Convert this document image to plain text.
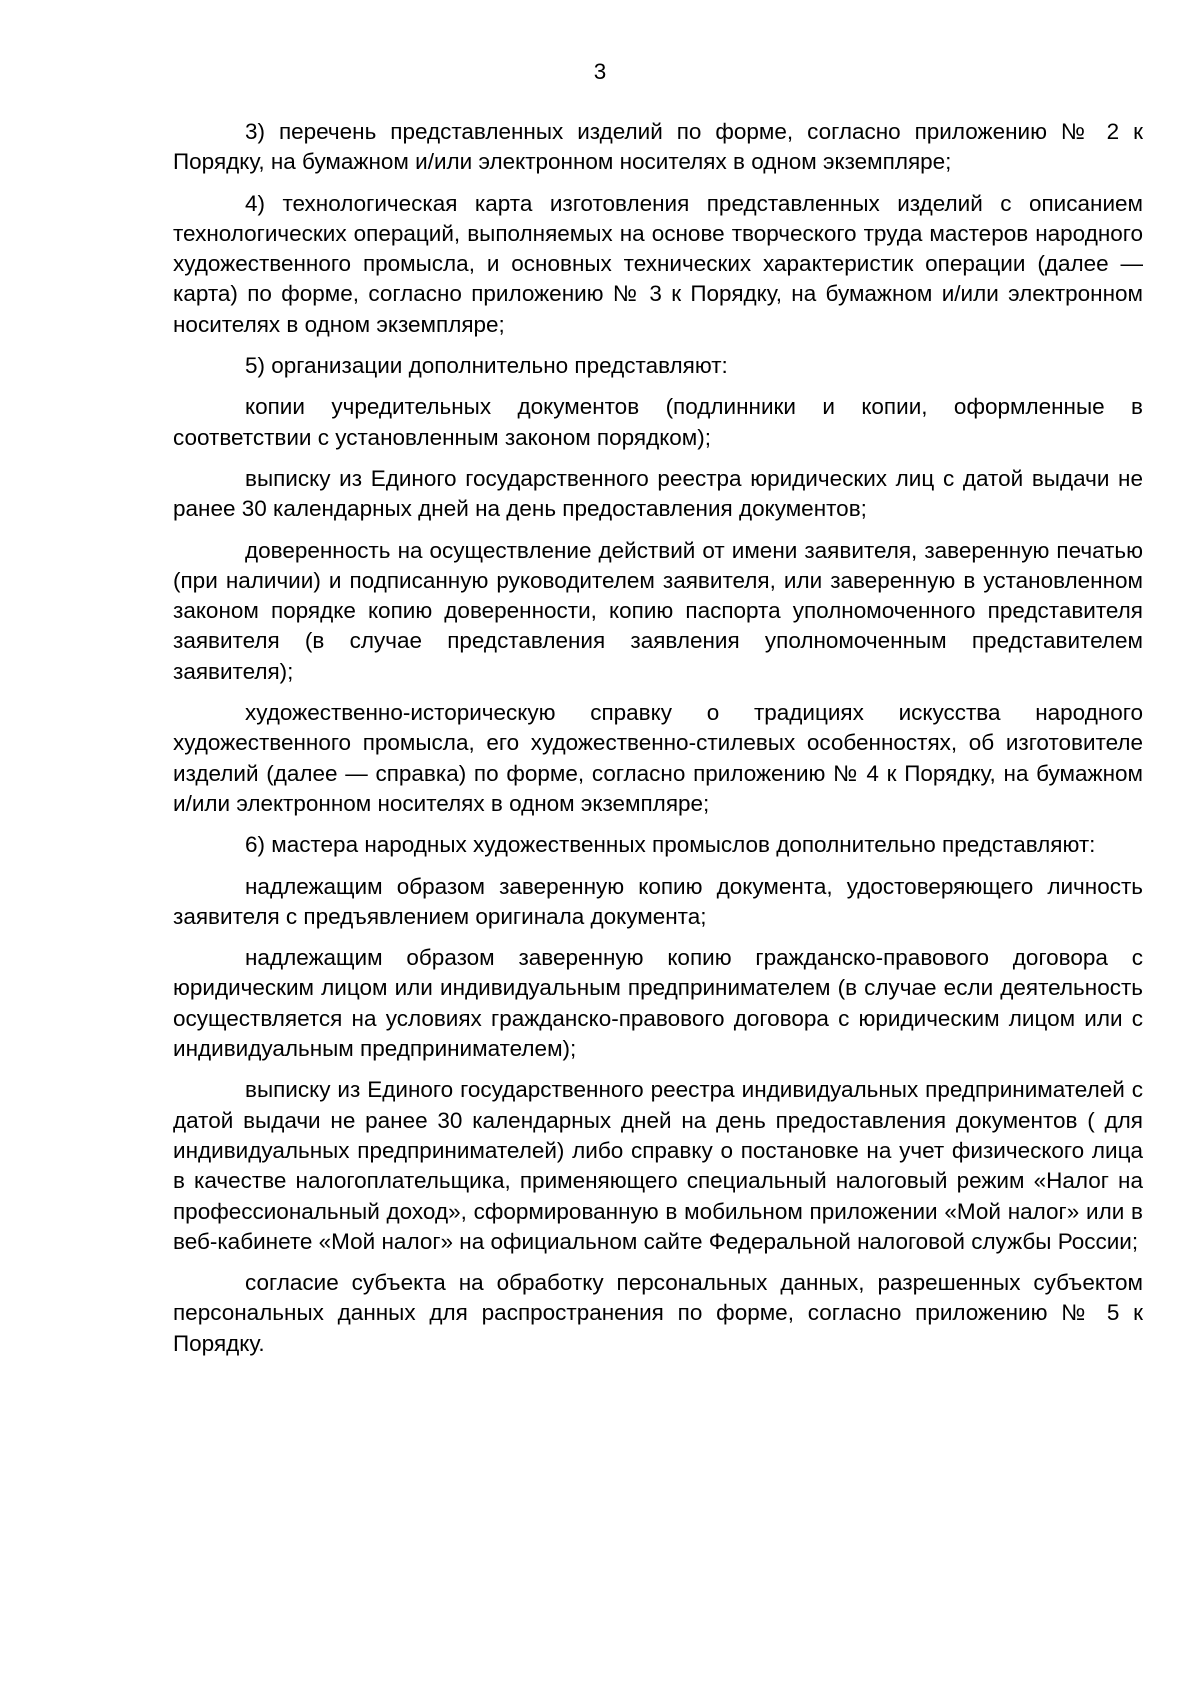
3

3) перечень представленных изделий по форме, согласно приложению № 2 к Порядку, на бумажном и/или электронном носителях в одном экземпляре;

4) технологическая карта изготовления представленных изделий с описанием технологических операций, выполняемых на основе творческого труда мастеров народного художественного промысла, и основных технических характеристик операции (далее — карта) по форме, согласно приложению № 3 к Порядку, на бумажном и/или электронном носителях в одном экземпляре;

5) организации дополнительно представляют:

копии учредительных документов (подлинники и копии, оформленные в соответствии с установленным законом порядком);

выписку из Единого государственного реестра юридических лиц с датой выдачи не ранее 30 календарных дней на день предоставления документов;

доверенность на осуществление действий от имени заявителя, заверенную печатью (при наличии) и подписанную руководителем заявителя, или заверенную в установленном законом порядке копию доверенности, копию паспорта уполномоченного представителя заявителя (в случае представления заявления уполномоченным представителем заявителя);

художественно-историческую справку о традициях искусства народного художественного промысла, его художественно-стилевых особенностях, об изготовителе изделий (далее — справка) по форме, согласно приложению № 4 к Порядку, на бумажном и/или электронном носителях в одном экземпляре;

6) мастера народных художественных промыслов дополнительно представляют:

надлежащим образом заверенную копию документа, удостоверяющего личность заявителя с предъявлением оригинала документа;

надлежащим образом заверенную копию гражданско-правового договора с юридическим лицом или индивидуальным предпринимателем (в случае если деятельность осуществляется на условиях гражданско-правового договора с юридическим лицом или с индивидуальным предпринимателем);

выписку из Единого государственного реестра индивидуальных предпринимателей с датой выдачи не ранее 30 календарных дней на день предоставления документов ( для индивидуальных предпринимателей) либо справку о постановке на учет физического лица в качестве налогоплательщика, применяющего специальный налоговый режим «Налог на профессиональный доход», сформированную в мобильном приложении «Мой налог» или в веб-кабинете «Мой налог» на официальном сайте Федеральной налоговой службы России;

согласие субъекта на обработку персональных данных, разрешенных субъектом персональных данных для распространения по форме, согласно приложению № 5 к Порядку.
